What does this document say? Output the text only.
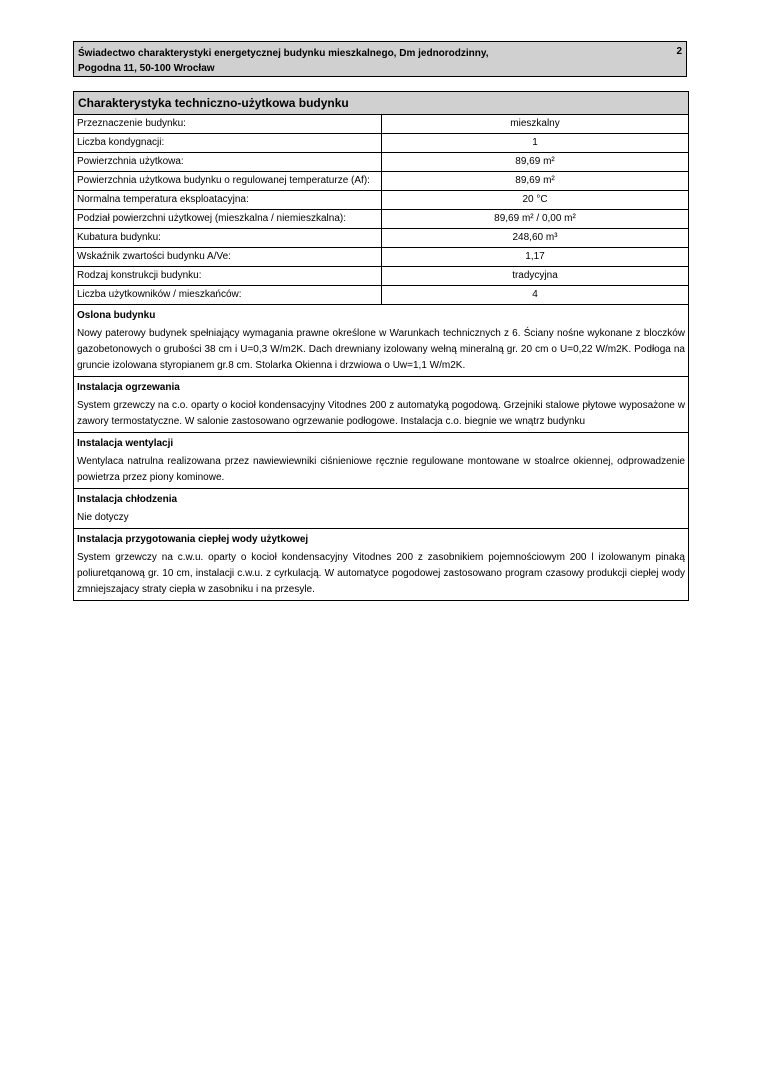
Świadectwo charakterystyki energetycznej budynku mieszkalnego, Dm jednorodzinny,
Pogodna 11, 50-100 Wrocław
2
Charakterystyka techniczno-użytkowa budynku	
Przeznaczenie budynku:	mieszkalny
Liczba kondygnacji:	1
Powierzchnia użytkowa:	89,69 m²
Powierzchnia użytkowa budynku o regulowanej temperaturze (Af):	89,69 m²
Normalna temperatura eksploatacyjna:	20 °C
Podział powierzchni użytkowej (mieszkalna / niemieszkalna):	89,69 m² / 0,00 m²
Kubatura budynku:	248,60 m³
Wskaźnik zwartości budynku A/Ve:	1,17
Rodzaj konstrukcji budynku:	tradycyjna
Liczba użytkowników / mieszkańców:	4
Oslona budynku	
Nowy paterowy budynek spełniający wymagania prawne określone w Warunkach technicznych z 6. Ściany nośne wykonane z bloczków gazobetonowych o grubości 38 cm i U=0,3 W/m2K. Dach drewniany izolowany wełną mineralną gr. 20 cm o U=0,22 W/m2K. Podłoga na gruncie izolowana styropianem gr.8 cm. Stolarka Okienna i drzwiowa o Uw=1,1 W/m2K.	
Instalacja ogrzewania	
System grzewczy na c.o. oparty o kocioł kondensacyjny Vitodnes 200 z automatyką pogodową. Grzejniki stalowe płytowe wyposażone w zawory termostatyczne. W salonie zastosowano ogrzewanie podłogowe. Instalacja c.o. biegnie we wnątrz budynku	
Instalacja wentylacji	
Wentylaca natrulna realizowana przez nawiewiewniki ciśnieniowe ręcznie regulowane montowane w stoalrce okiennej, odprowadzenie powietrza przez piony kominowe.	
Instalacja chłodzenia	
Nie dotyczy	
Instalacja przygotowania ciepłej wody użytkowej	
System grzewczy na c.w.u. oparty o kocioł kondensacyjny Vitodnes 200 z zasobnikiem pojemnościowym 200 l izolowanym pinaką poliuretqanową gr. 10 cm, instalacji c.w.u. z cyrkulacją. W automatyce pogodowej zastosowano program czasowy produkcji ciepłej wody zmniejszajacy straty ciepła w zasobniku i na przesyle.	
